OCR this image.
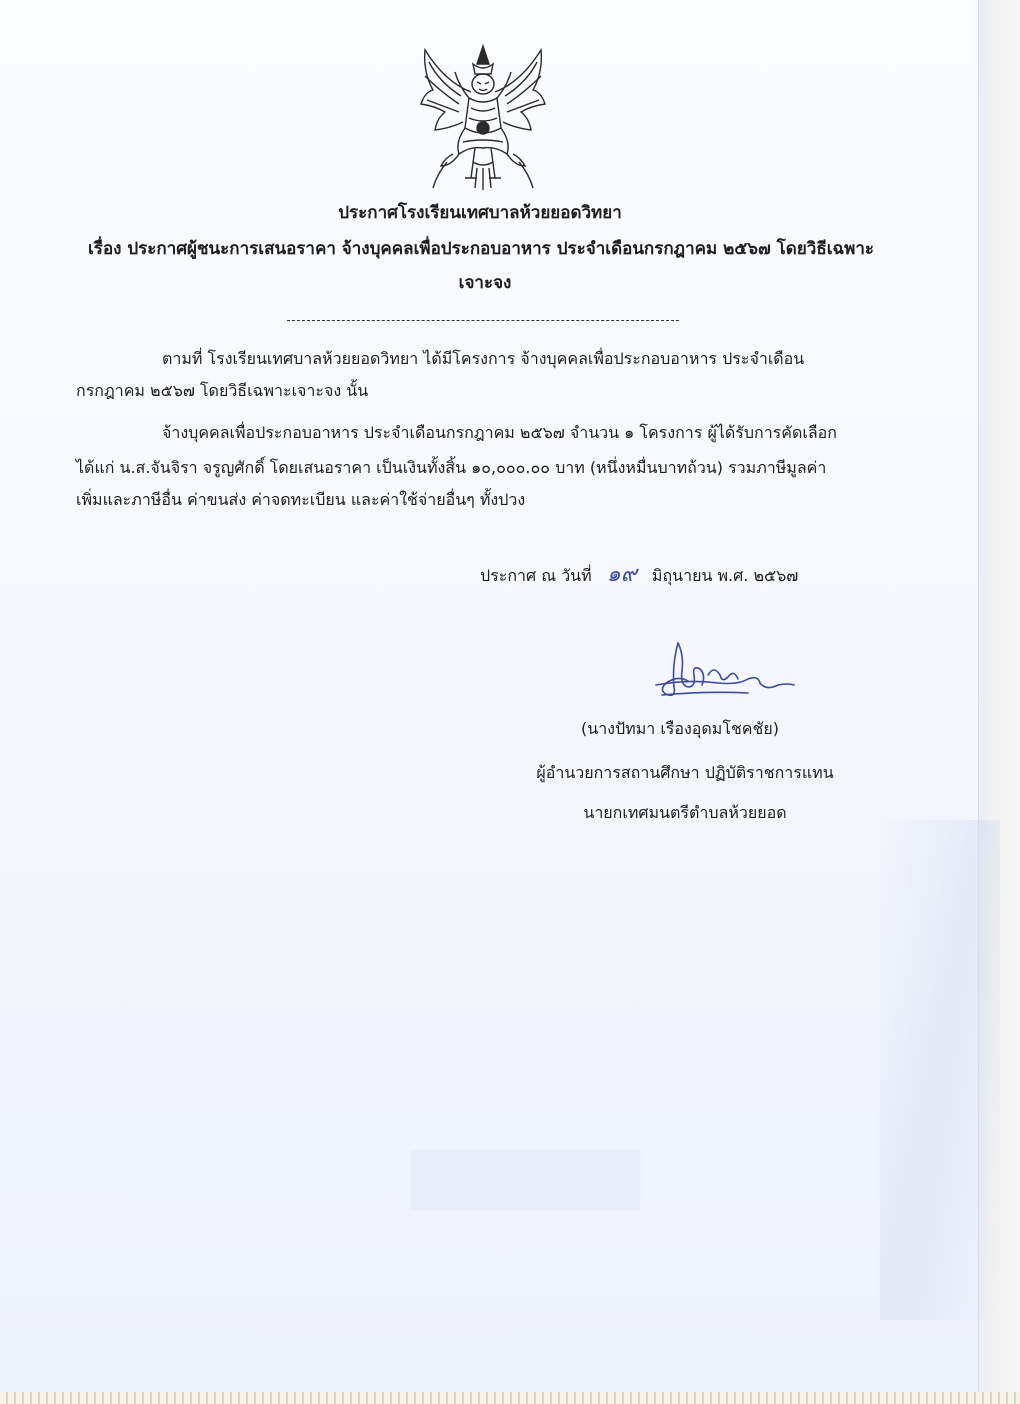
ประกาศโรงเรียนเทศบาลห้วยยอดวิทยา
เรื่อง ประกาศผู้ชนะการเสนอราคา จ้างบุคคลเพื่อประกอบอาหาร ประจำเดือนกรกฎาคม ๒๕๖๗ โดยวิธีเฉพาะ
เจาะจง
ตามที่ โรงเรียนเทศบาลห้วยยอดวิทยา ได้มีโครงการ จ้างบุคคลเพื่อประกอบอาหาร ประจำเดือน
กรกฎาคม ๒๕๖๗ โดยวิธีเฉพาะเจาะจง นั้น
จ้างบุคคลเพื่อประกอบอาหาร ประจำเดือนกรกฎาคม ๒๕๖๗ จำนวน ๑ โครงการ ผู้ได้รับการคัดเลือก
ได้แก่ น.ส.จันจิรา จรูญศักดิ์ โดยเสนอราคา เป็นเงินทั้งสิ้น ๑๐,๐๐๐.๐๐ บาท (หนึ่งหมื่นบาทถ้วน) รวมภาษีมูลค่า
เพิ่มและภาษีอื่น ค่าขนส่ง ค่าจดทะเบียน และค่าใช้จ่ายอื่นๆ ทั้งปวง
ประกาศ ณ วันที่ ๑๙ มิถุนายน พ.ศ. ๒๕๖๗
(นางปัทมา เรืองอุดมโชคชัย)
ผู้อำนวยการสถานศึกษา ปฏิบัติราชการแทน
นายกเทศมนตรีตำบลห้วยยอด
